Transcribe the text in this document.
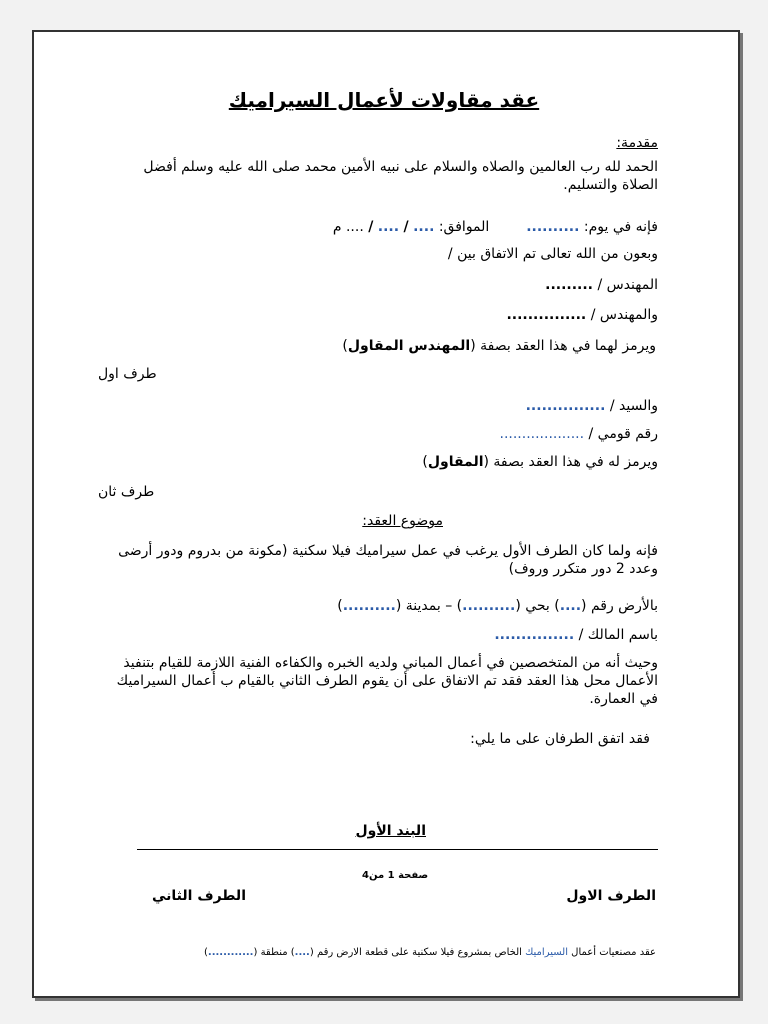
عقد مقاولات لأعمال السيراميك
مقدمة:
الحمد لله رب العالمين والصلاه والسلام على نبيه الأمين محمد صلى الله عليه وسلم أفضل الصلاة والتسليم.
فإنه في يوم: ..........  الموافق: .... / .... / .... م
وبعون من الله تعالى تم الاتفاق بين /
المهندس / .........
والمهندس / ...............
ويرمز لهما في هذا العقد بصفة (المهندس المقاول)
طرف اول
والسيد / ...............
رقم قومي / ...................
ويرمز له في هذا العقد بصفة (المقاول)
طرف ثان
موضوع العقد:
فإنه ولما كان الطرف الأول يرغب في عمل سيراميك فيلا سكنية (مكونة من بدروم ودور أرضى وعدد 2 دور متكرر وروف)
بالأرض رقم (....) بحي (..........) – بمدينة (..........)
باسم المالك / ...............
وحيث أنه من المتخصصين في أعمال المباني ولديه الخبره والكفاءه الفنية اللازمة للقيام بتنفيذ الأعمال محل هذا العقد فقد تم الاتفاق على أن يقوم الطرف الثاني بالقيام ب أعمال السيراميك في العمارة.
فقد اتفق الطرفان على ما يلي:
البند الأول
صفحة 1 من4
الطرف الاول
الطرف الثاني
عقد مصنعيات أعمال السيراميك الخاص بمشروع فيلا سكنية على قطعة الارض رقم (....) منطقة (............)
